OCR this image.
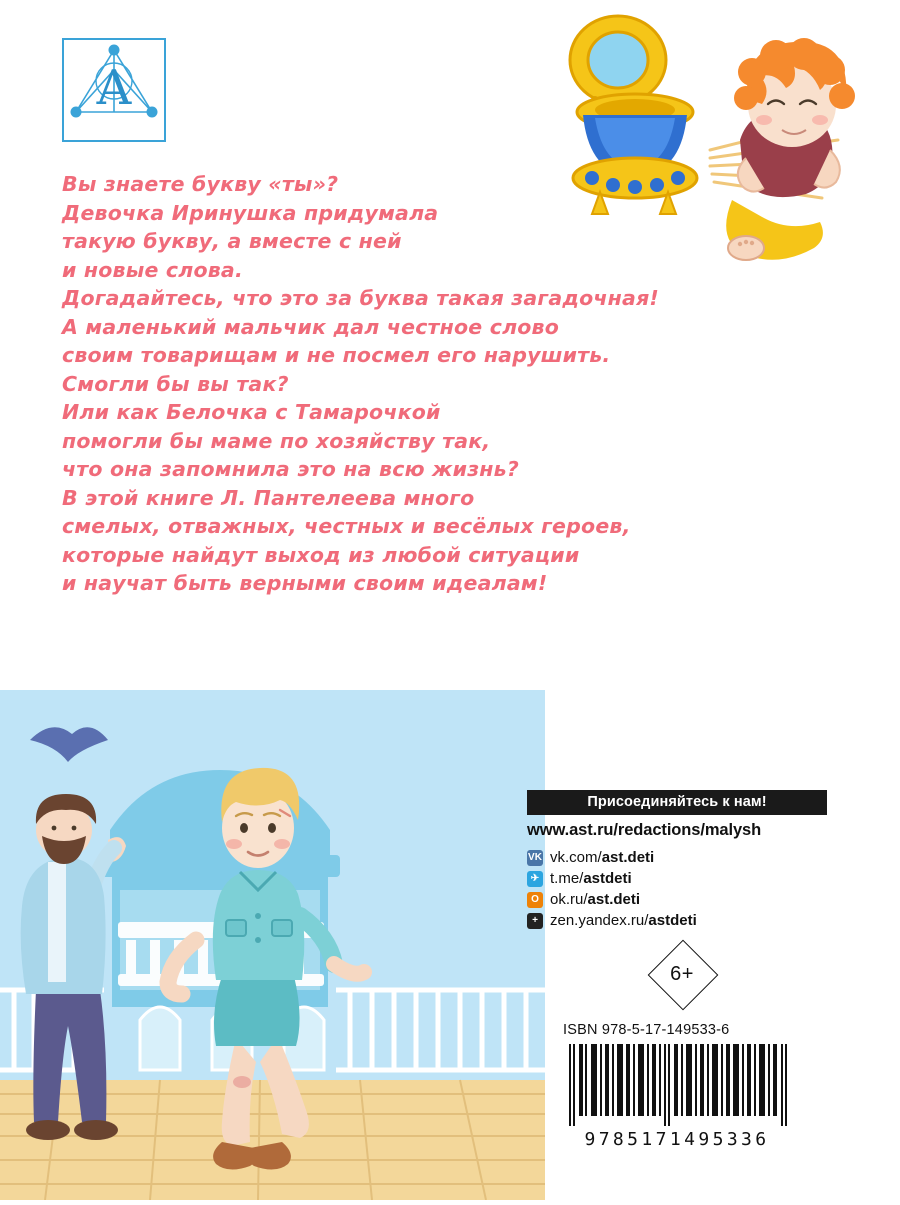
A
Вы знаете букву «ты»?
Девочка Иринушка придумала
такую букву, а вместе с ней
и новые слова.
Догадайтесь, что это за буква такая загадочная!
А маленький мальчик дал честное слово
своим товарищам и не посмел его нарушить.
Смогли бы вы так?
Или как Белочка с Тамарочкой
помогли бы маме по хозяйству так,
что она запомнила это на всю жизнь?
В этой книге Л. Пантелеева много
смелых, отважных, честных и весёлых героев,
которые найдут выход из любой ситуации
и научат быть верными своим идеалам!
Присоединяйтесь к нам!
www.ast.ru/redactions/malysh
VK vk.com/ast.deti
✈ t.me/astdeti
O ok.ru/ast.deti
+ zen.yandex.ru/astdeti
6+
ISBN 978-5-17-149533-6
9785171495336
